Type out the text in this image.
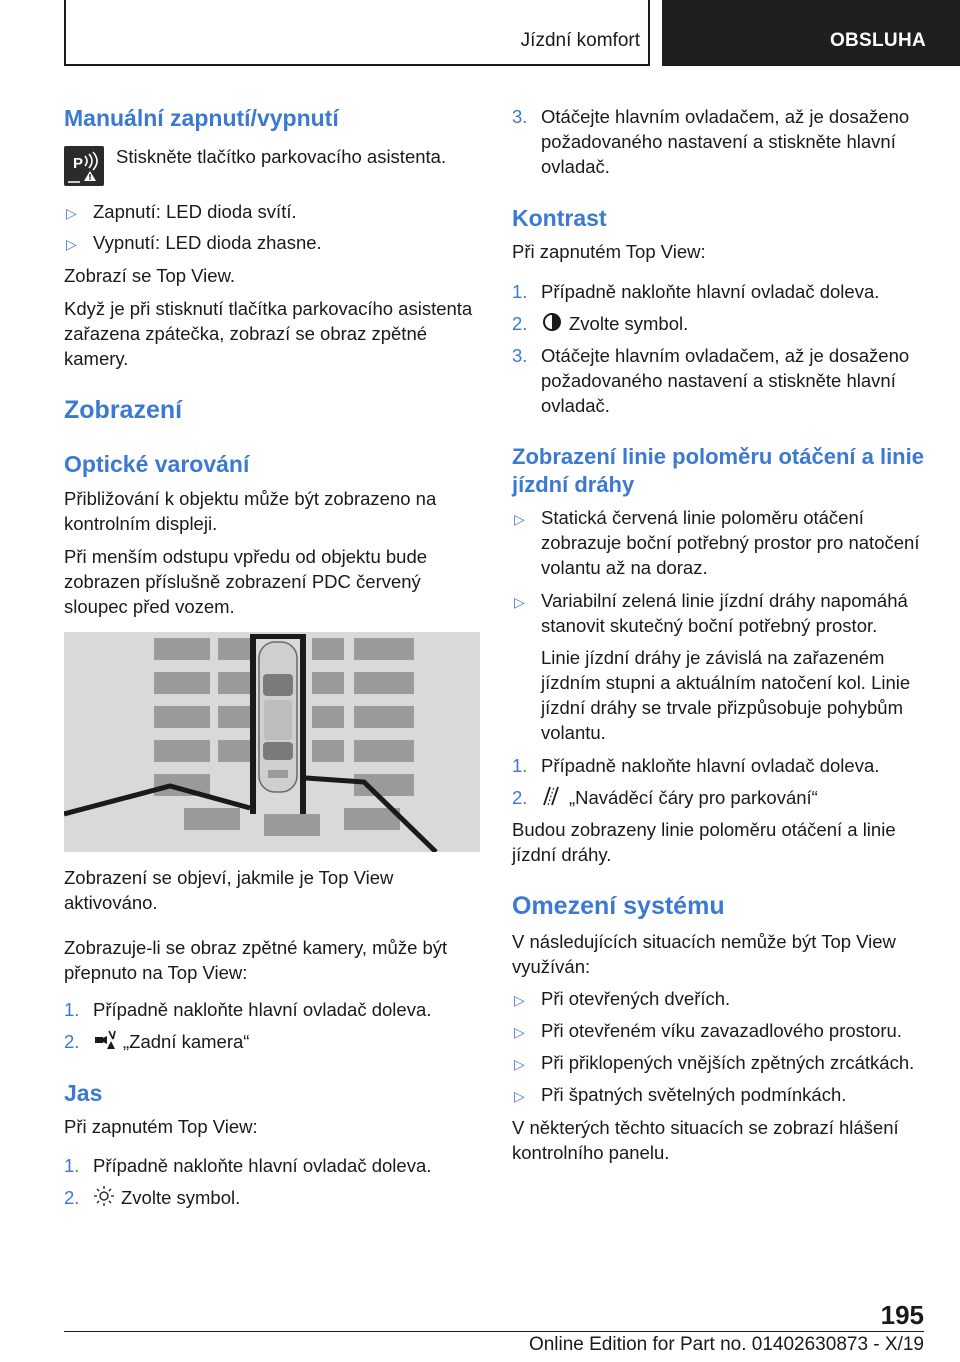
Jízdní komfort	OBSLUHA
Manuální zapnutí/vypnutí
P Stiskněte tlačítko parkovacího asistenta.
▷ Zapnutí: LED dioda svítí.
▷ Vypnutí: LED dioda zhasne.
Zobrazí se Top View.
Když je při stisknutí tlačítka parkovacího asistenta zařazena zpátečka, zobrazí se obraz zpětné kamery.
Zobrazení
Optické varování
Přibližování k objektu může být zobrazeno na kontrolním displeji.
Při menším odstupu vpředu od objektu bude zobrazen příslušně zobrazení PDC červený sloupec před vozem.
Zobrazení se objeví, jakmile je Top View aktivováno.
Zobrazuje-li se obraz zpětné kamery, může být přepnuto na Top View:
1. Případně nakloňte hlavní ovladač doleva.
2. „Zadní kamera“
Jas
Při zapnutém Top View:
1. Případně nakloňte hlavní ovladač doleva.
2. Zvolte symbol.
3. Otáčejte hlavním ovladačem, až je dosaženo požadovaného nastavení a stiskněte hlavní ovladač.
Kontrast
Při zapnutém Top View:
1. Případně nakloňte hlavní ovladač doleva.
2. Zvolte symbol.
3. Otáčejte hlavním ovladačem, až je dosaženo požadovaného nastavení a stiskněte hlavní ovladač.
Zobrazení linie poloměru otáčení a linie jízdní dráhy
▷ Statická červená linie poloměru otáčení zobrazuje boční potřebný prostor pro natočení volantu až na doraz.
▷ Variabilní zelená linie jízdní dráhy napomáhá stanovit skutečný boční potřebný prostor.
Linie jízdní dráhy je závislá na zařazeném jízdním stupni a aktuálním natočení kol. Linie jízdní dráhy se trvale přizpůsobuje pohybům volantu.
1. Případně nakloňte hlavní ovladač doleva.
2. „Naváděcí čáry pro parkování“
Budou zobrazeny linie poloměru otáčení a linie jízdní dráhy.
Omezení systému
V následujících situacích nemůže být Top View využíván:
▷ Při otevřených dveřích.
▷ Při otevřeném víku zavazadlového prostoru.
▷ Při přiklopených vnějších zpětných zrcátkách.
▷ Při špatných světelných podmínkách.
V některých těchto situacích se zobrazí hlášení kontrolního panelu.
195
Online Edition for Part no. 01402630873 - X/19
